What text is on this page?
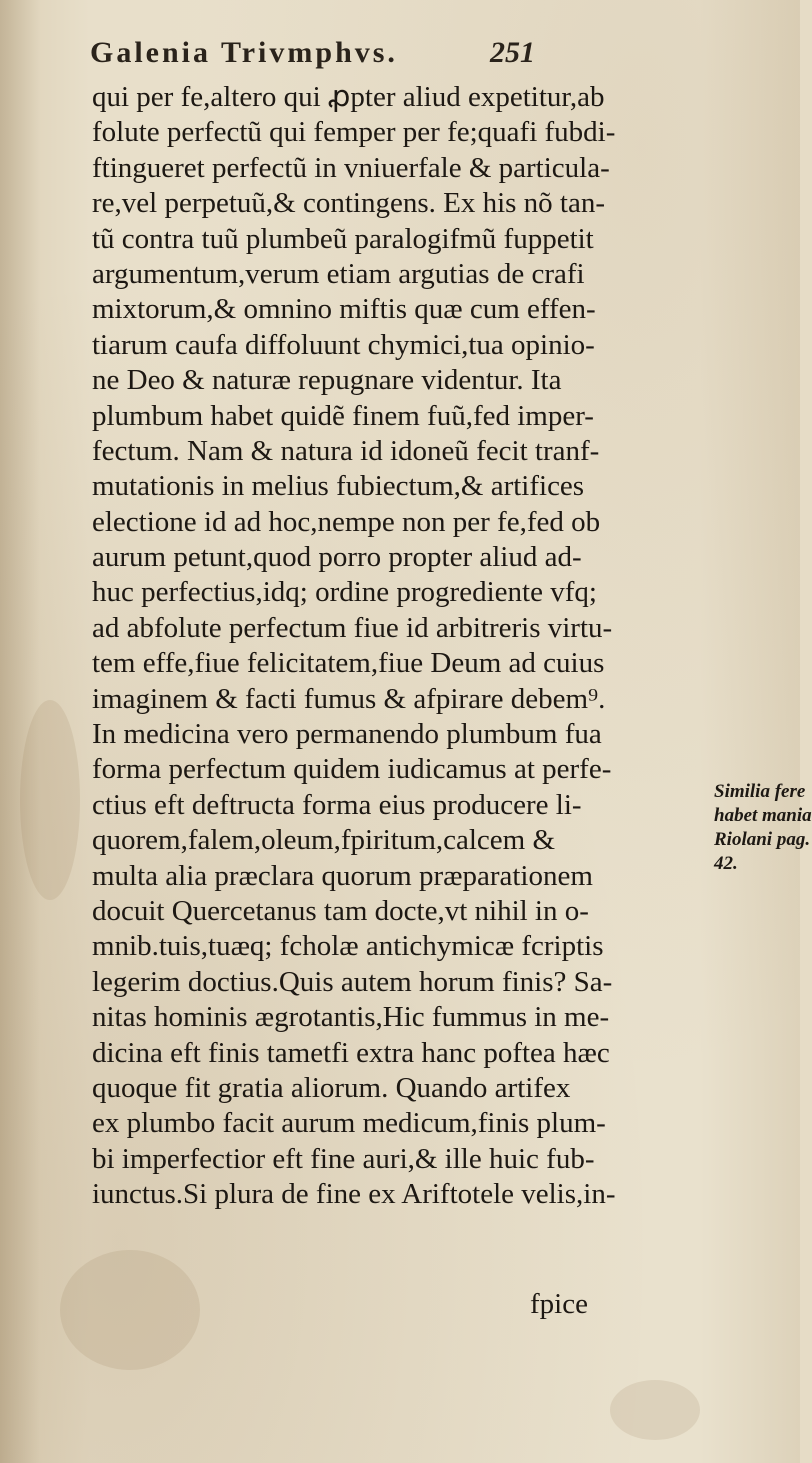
Galenia Trivmphvs.	251
qui per fe,altero qui ꝓpter aliud expetitur,ab
folute perfectũ qui femper per fe;quafi fubdi-
ftingueret perfectũ in vniuerfale & particula-
re,vel perpetuũ,& contingens. Ex his nõ tan-
tũ contra tuũ plumbeũ paralogifmũ fuppetit
argumentum,verum etiam argutias de crafi
mixtorum,& omnino miftis quæ cum effen-
tiarum caufa diffoluunt chymici,tua opinio-
ne Deo & naturæ repugnare videntur. Ita
plumbum habet quidẽ finem fuũ,fed imper-
fectum. Nam & natura id idoneũ fecit tranf-
mutationis in melius fubiectum,& artifices
electione id ad hoc,nempe non per fe,fed ob
aurum petunt,quod porro propter aliud ad-
huc perfectius,idq; ordine progrediente vfq;
ad abfolute perfectum fiue id arbitreris virtu-
tem effe,fiue felicitatem,fiue Deum ad cuius
imaginem & facti fumus & afpirare debem⁹.
In medicina vero permanendo plumbum fua
forma perfectum quidem iudicamus at perfe-
ctius eft deftructa forma eius producere li-
quorem,falem,oleum,fpiritum,calcem &
multa alia præclara quorum præparationem
docuit Quercetanus tam docte,vt nihil in o-
mnib.tuis,tuæq; fcholæ antichymicæ fcriptis
legerim doctius.Quis autem horum finis? Sa-
nitas hominis ægrotantis,Hic fummus in me-
dicina eft finis tametfi extra hanc poftea hæc
quoque fit gratia aliorum. Quando artifex
ex plumbo facit aurum medicum,finis plum-
bi imperfectior eft fine auri,& ille huic fub-
iunctus.Si plura de fine ex Ariftotele velis,in-
fpice
Similia fere
habet mania
Riolani pag.
42.
